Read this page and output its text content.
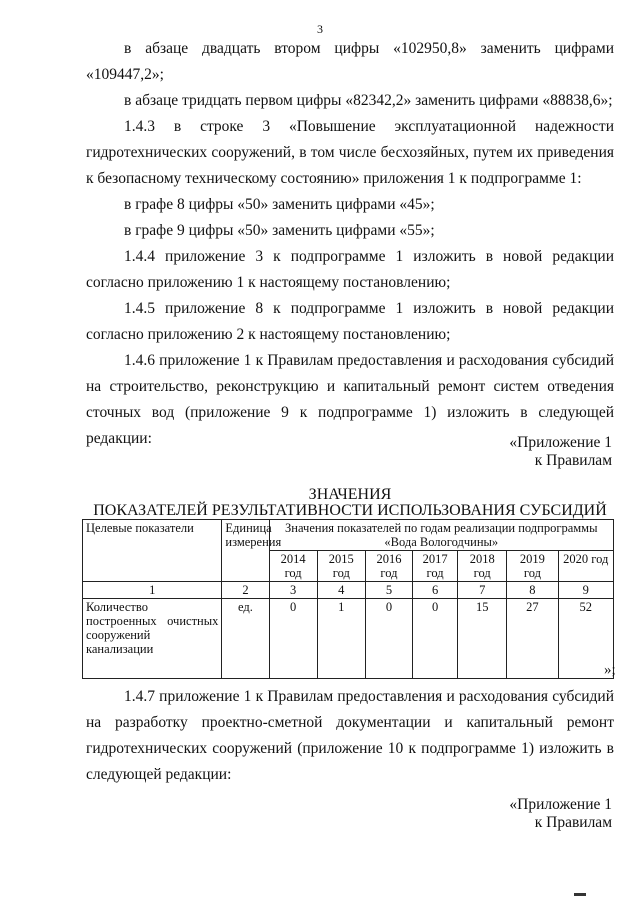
3

в абзаце двадцать втором цифры «102950,8» заменить цифрами «109447,2»;

в абзаце тридцать первом цифры «82342,2» заменить цифрами «88838,6»;

1.4.3 в строке 3 «Повышение эксплуатационной надежности гидротехнических сооружений, в том числе бесхозяйных, путем их приведения к безопасному техническому состоянию» приложения 1 к подпрограмме 1:

в графе 8 цифры «50» заменить цифрами «45»;

в графе 9 цифры «50» заменить цифрами «55»;

1.4.4 приложение 3 к подпрограмме 1 изложить в новой редакции согласно приложению 1 к настоящему постановлению;

1.4.5 приложение 8 к подпрограмме 1 изложить в новой редакции согласно приложению 2 к настоящему постановлению;

1.4.6 приложение 1 к Правилам предоставления и расходования субсидий на строительство, реконструкцию и капитальный ремонт систем отведения сточных вод (приложение 9 к подпрограмме 1) изложить в следующей редакции:	«Приложение 1
к Правилам
ЗНАЧЕНИЯ
ПОКАЗАТЕЛЕЙ РЕЗУЛЬТАТИВНОСТИ ИСПОЛЬЗОВАНИЯ СУБСИДИЙ
Целевые показатели	Единица измерения	Значения показателей по годам реализации подпрограммы «Вода Вологодчины»						
		2014 год	2015 год	2016 год	2017 год	2018 год	2019 год	2020 год
1	2	3	4	5	6	7	8	9
Количество построенных очистных сооружений канализации	ед.	0	1	0	0	15	27	52
»;

1.4.7 приложение 1 к Правилам предоставления и расходования субсидий на разработку проектно-сметной документации и капитальный ремонт гидротехнических сооружений (приложение 10 к подпрограмме 1) изложить в следующей редакции:

«Приложение 1
к Правилам
